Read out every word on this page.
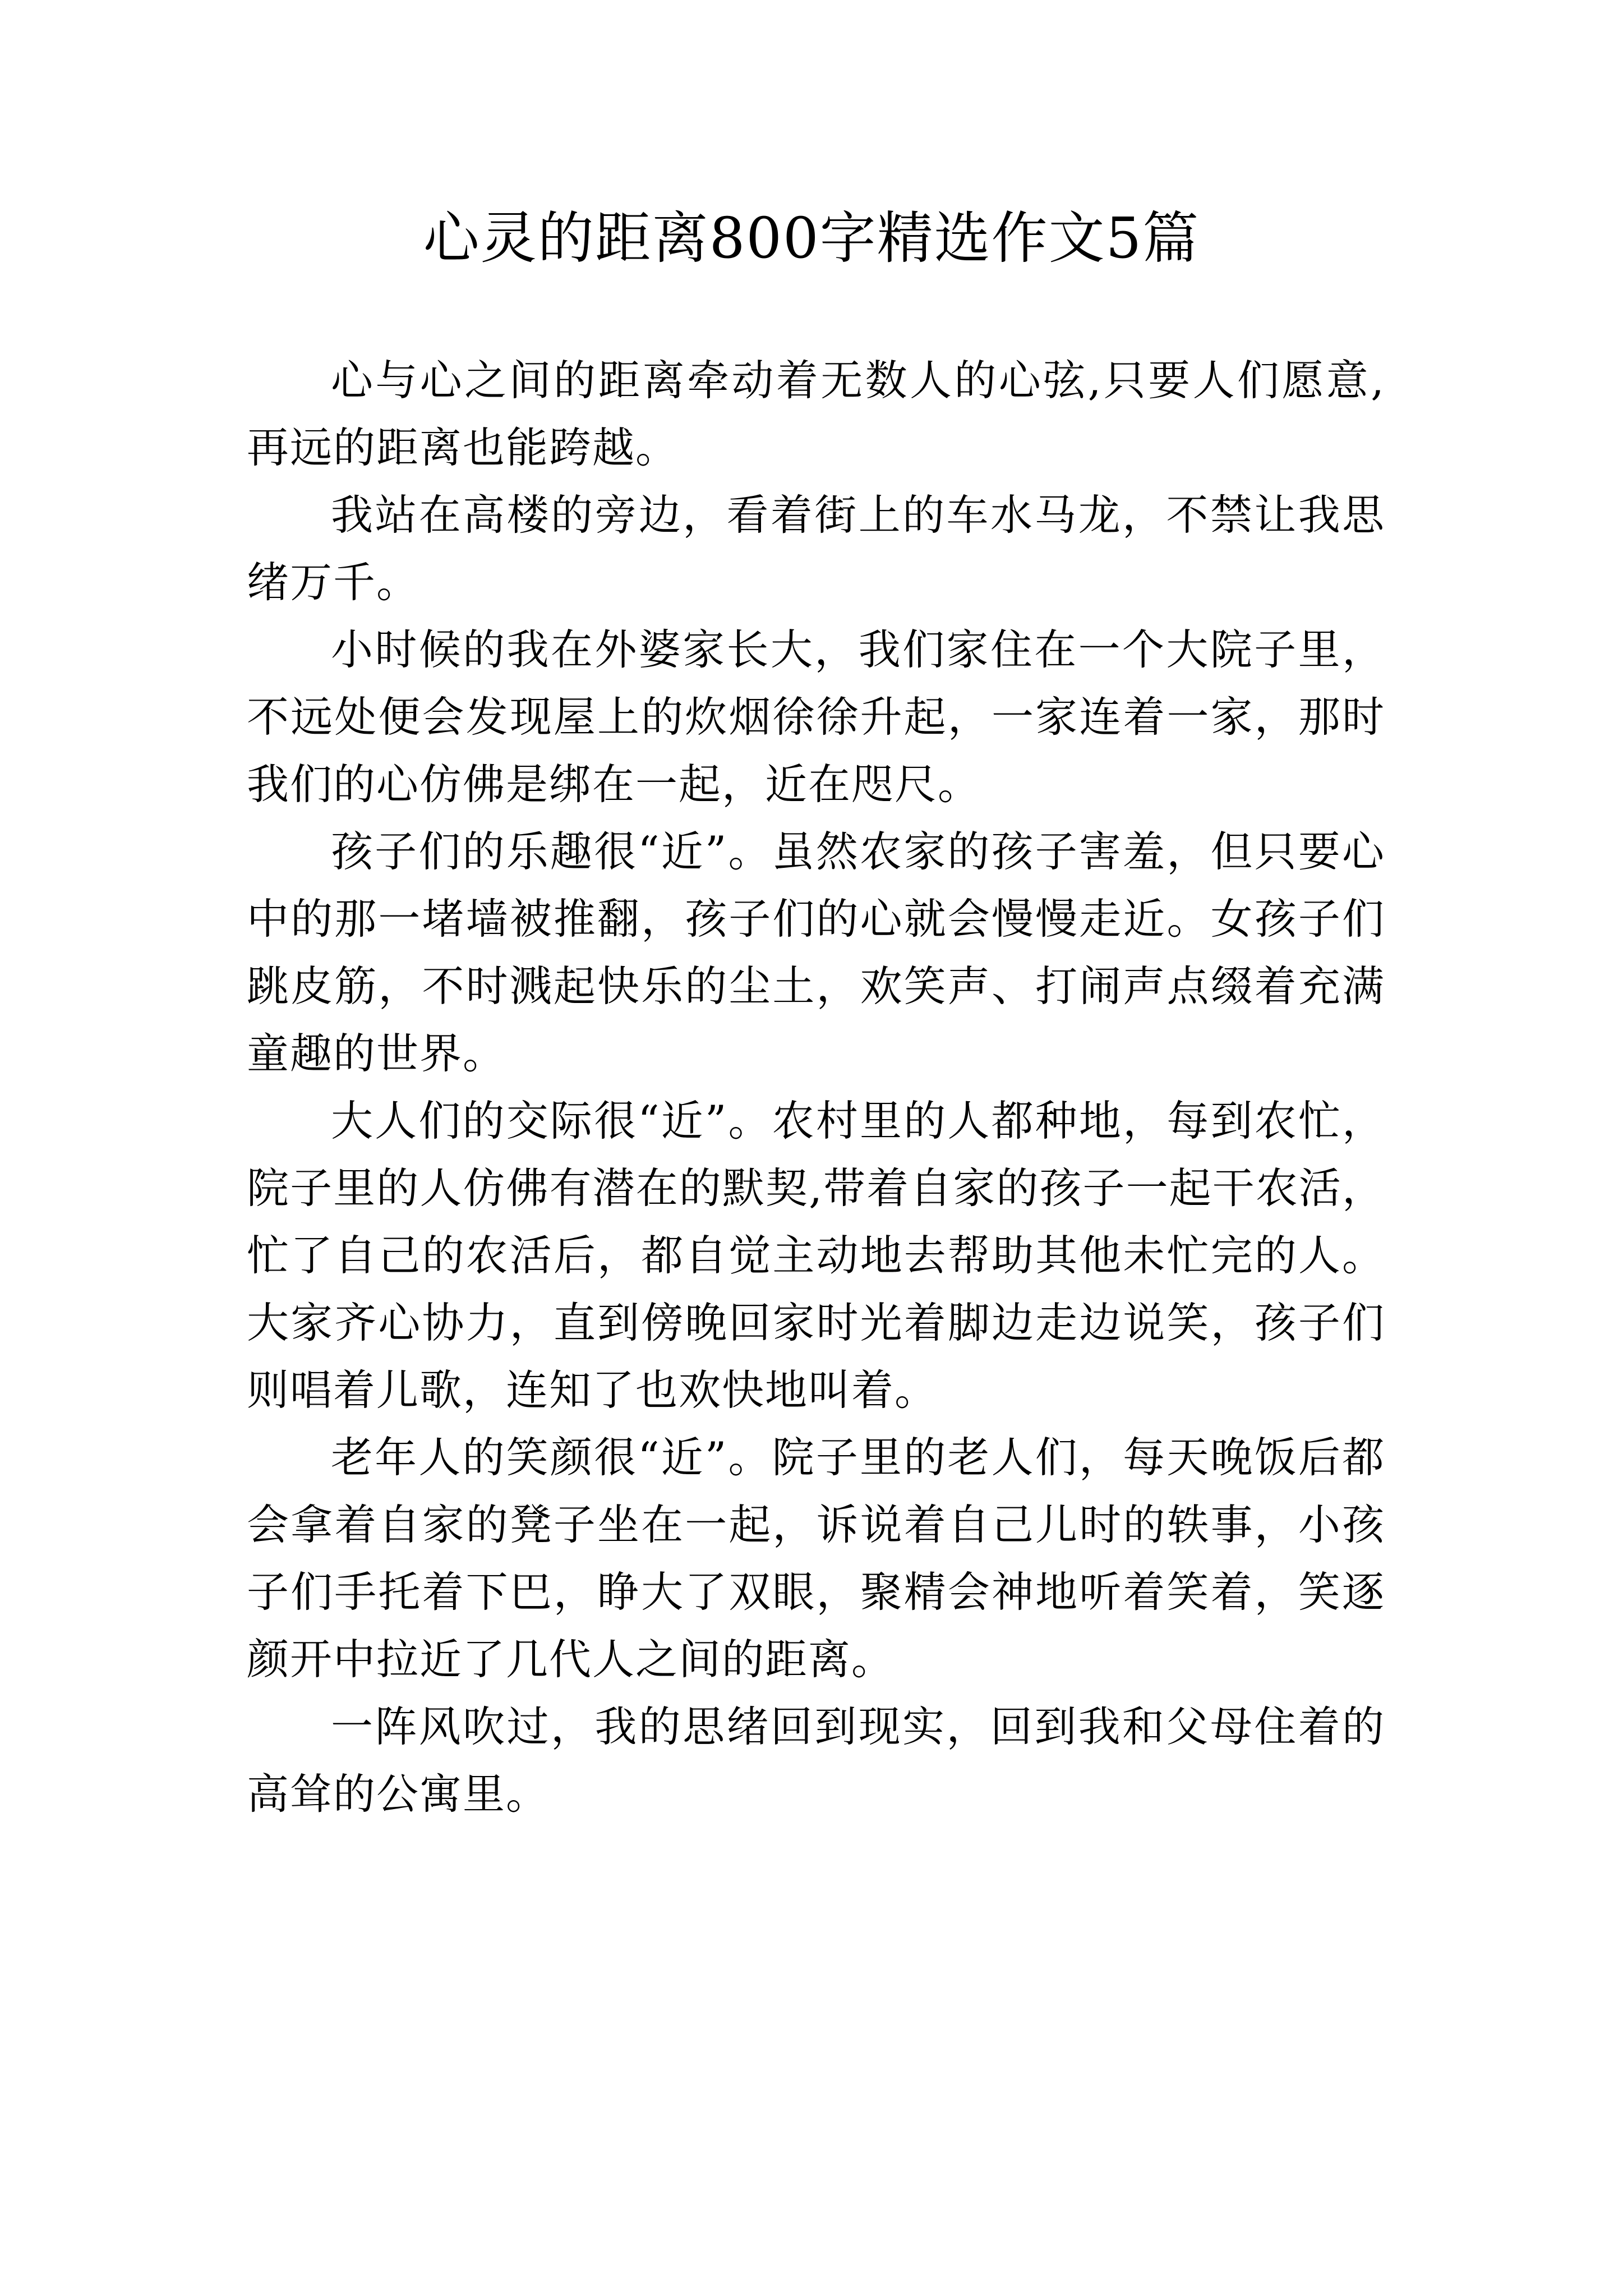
心灵的距离800字精选作文5篇

心与心之间的距离牵动着无数人的心弦,只要人们愿意,再远的距离也能跨越。

我站在高楼的旁边，看着街上的车水马龙，不禁让我思绪万千。

小时候的我在外婆家长大，我们家住在一个大院子里，不远处便会发现屋上的炊烟徐徐升起，一家连着一家，那时我们的心仿佛是绑在一起，近在咫尺。

孩子们的乐趣很“近”。虽然农家的孩子害羞，但只要心中的那一堵墙被推翻，孩子们的心就会慢慢走近。女孩子们跳皮筋，不时溅起快乐的尘土，欢笑声、打闹声点缀着充满童趣的世界。

大人们的交际很“近”。农村里的人都种地，每到农忙，院子里的人仿佛有潜在的默契,带着自家的孩子一起干农活，忙了自己的农活后，都自觉主动地去帮助其他未忙完的人。大家齐心协力，直到傍晚回家时光着脚边走边说笑，孩子们则唱着儿歌，连知了也欢快地叫着。

老年人的笑颜很“近”。院子里的老人们，每天晚饭后都会拿着自家的凳子坐在一起，诉说着自己儿时的轶事，小孩子们手托着下巴，睁大了双眼，聚精会神地听着笑着，笑逐颜开中拉近了几代人之间的距离。

一阵风吹过，我的思绪回到现实，回到我和父母住着的高耸的公寓里。
